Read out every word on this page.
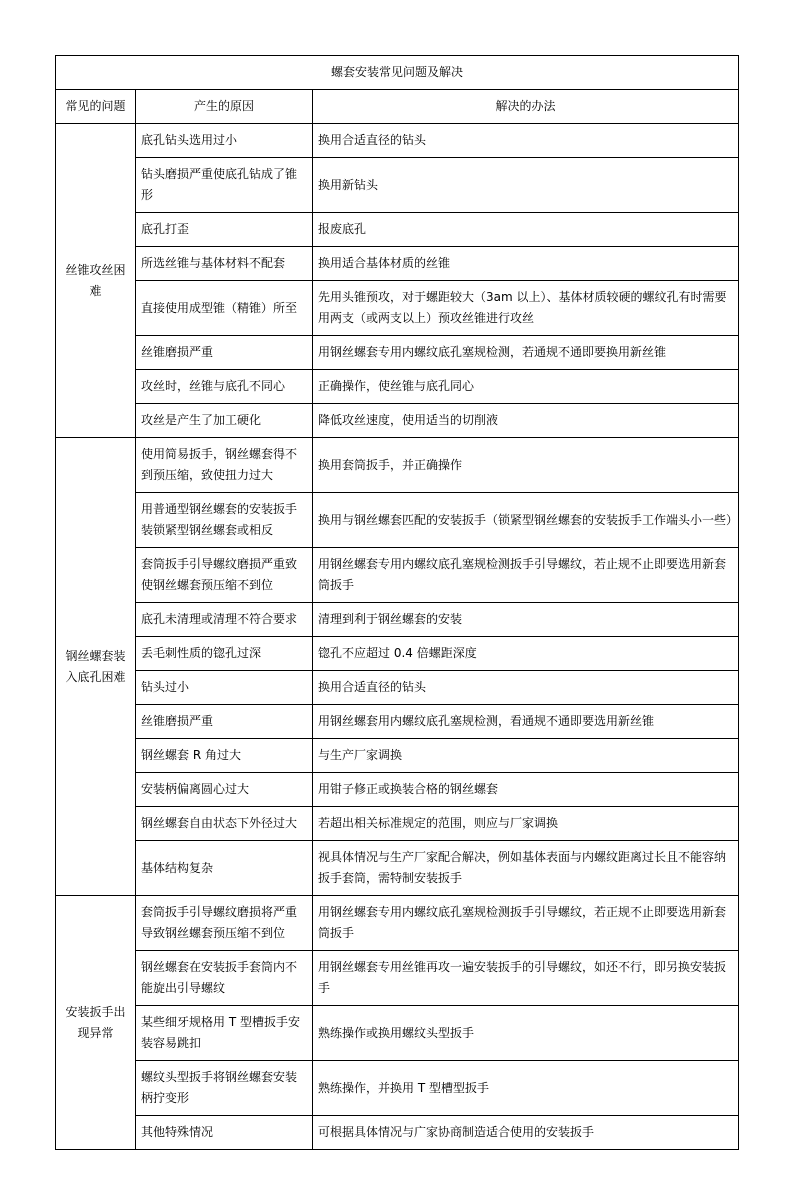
螺套安装常见问题及解决		
常见的问题	产生的原因	解决的办法
丝锥攻丝困难	底孔钻头选用过小	换用合适直径的钻头
	钻头磨损严重使底孔钻成了锥形	换用新钻头
	底孔打歪	报废底孔
	所选丝锥与基体材料不配套	换用适合基体材质的丝锥
	直接使用成型锥（精锥）所至	先用头锥预攻，对于螺距较大（3am 以上）、基体材质较硬的螺纹孔有时需要用两支（或两支以上）预攻丝锥进行攻丝
	丝锥磨损严重	用钢丝螺套专用内螺纹底孔塞规检测，若通规不通即要换用新丝锥
	攻丝时，丝锥与底孔不同心	正确操作，使丝锥与底孔同心
	攻丝是产生了加工硬化	降低攻丝速度，使用适当的切削液
钢丝螺套装入底孔困难	使用简易扳手，钢丝螺套得不到预压缩，致使扭力过大	换用套筒扳手，并正确操作
	用普通型钢丝螺套的安装扳手装锁紧型钢丝螺套或相反	换用与钢丝螺套匹配的安装扳手（锁紧型钢丝螺套的安装扳手工作端头小一些）
	套筒扳手引导螺纹磨损严重致使钢丝螺套预压缩不到位	用钢丝螺套专用内螺纹底孔塞规检测扳手引导螺纹，若止规不止即要选用新套筒扳手
	底孔未清理或清理不符合要求	清理到利于钢丝螺套的安装
	丢毛刺性质的锪孔过深	锪孔不应超过 0.4 倍螺距深度
	钻头过小	换用合适直径的钻头
	丝锥磨损严重	用钢丝螺套用内螺纹底孔塞规检测，看通规不通即要选用新丝锥
	钢丝螺套 R 角过大	与生产厂家调换
	安装柄偏离圆心过大	用钳子修正或换装合格的钢丝螺套
	钢丝螺套自由状态下外径过大	若超出相关标准规定的范围，则应与厂家调换
	基体结构复杂	视具体情况与生产厂家配合解决，例如基体表面与内螺纹距离过长且不能容纳扳手套筒，需特制安装扳手
安装扳手出现异常	套筒扳手引导螺纹磨损将严重导致钢丝螺套预压缩不到位	用钢丝螺套专用内螺纹底孔塞规检测扳手引导螺纹，若正规不止即要选用新套筒扳手
	钢丝螺套在安装扳手套筒内不能旋出引导螺纹	用钢丝螺套专用丝锥再攻一遍安装扳手的引导螺纹，如还不行，即另换安装扳手
	某些细牙规格用 T 型槽扳手安装容易跳扣	熟练操作或换用螺纹头型扳手
	螺纹头型扳手将钢丝螺套安装柄拧变形	熟练操作，并换用 T 型槽型扳手
	其他特殊情况	可根据具体情况与广家协商制造适合使用的安装扳手
